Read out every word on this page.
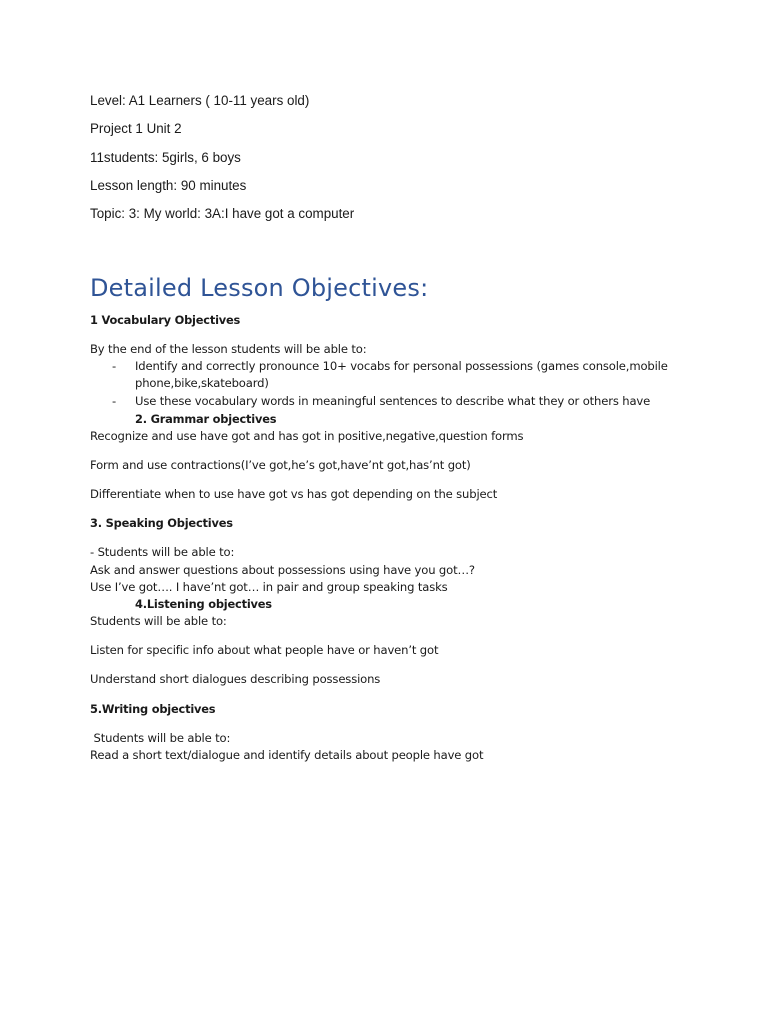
Level: A1 Learners ( 10-11 years old)
Project 1 Unit 2
11students: 5girls, 6 boys
Lesson length: 90 minutes
Topic: 3: My world: 3A:I have got a computer
Detailed Lesson Objectives:
1 Vocabulary Objectives
By the end of the lesson students will be able to:
- Identify and correctly pronounce 10+ vocabs for personal possessions (games console,mobile
phone,bike,skateboard)
- Use these vocabulary words in meaningful sentences to describe what they or others have
2. Grammar objectives
Recognize and use have got and has got in positive,negative,question forms
Form and use contractions(I’ve got,he’s got,have’nt got,has’nt got)
Differentiate when to use have got vs has got depending on the subject
3. Speaking Objectives
- Students will be able to:
Ask and answer questions about possessions using have you got…?
Use I’ve got…. I have’nt got… in pair and group speaking tasks
4.Listening objectives
Students will be able to:
Listen for specific info about what people have or haven’t got
Understand short dialogues describing possessions
5.Writing objectives
Students will be able to:
Read a short text/dialogue and identify details about people have got
